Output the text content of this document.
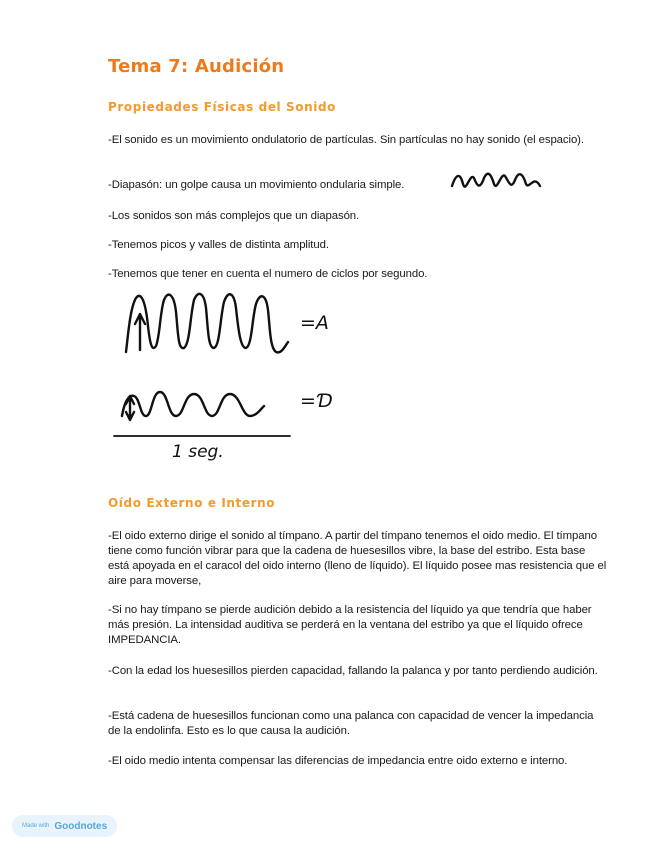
Tema 7: Audición
Propiedades Físicas del Sonido

-El sonido es un movimiento ondulatorio de partículas. Sin partículas no hay sonido (el espacio).

-Diapasón: un golpe causa un movimiento ondularia simple.

-Los sonidos son más complejos que un diapasón.

-Tenemos picos y valles de distinta amplitud.

-Tenemos que tener en cuenta el numero de ciclos por segundo.

=A
=Ɗ
1 seg.
Oído Externo e Interno

-El oido externo dirige el sonido al tímpano. A partir del tímpano tenemos el oido medio. El tímpano tiene como función vibrar para que la cadena de huesesillos vibre, la base del estribo. Esta base está apoyada en el caracol del oido interno (lleno de líquido). El líquido posee mas resistencia que el aire para moverse,

-Si no hay tímpano se pierde audición debido a la resistencia del líquido ya que tendría que haber más presión. La intensidad auditiva se perderá en la ventana del estribo ya que el líquido ofrece IMPEDANCIA.

-Con la edad los huesesillos pierden capacidad, fallando la palanca y por tanto perdiendo audición.

-Está cadena de huesesillos funcionan como una palanca con capacidad de vencer la impedancia de la endolinfa. Esto es lo que causa la audición.

-El oido medio intenta compensar las diferencias de impedancia entre oido externo e interno.

Made with Goodnotes
